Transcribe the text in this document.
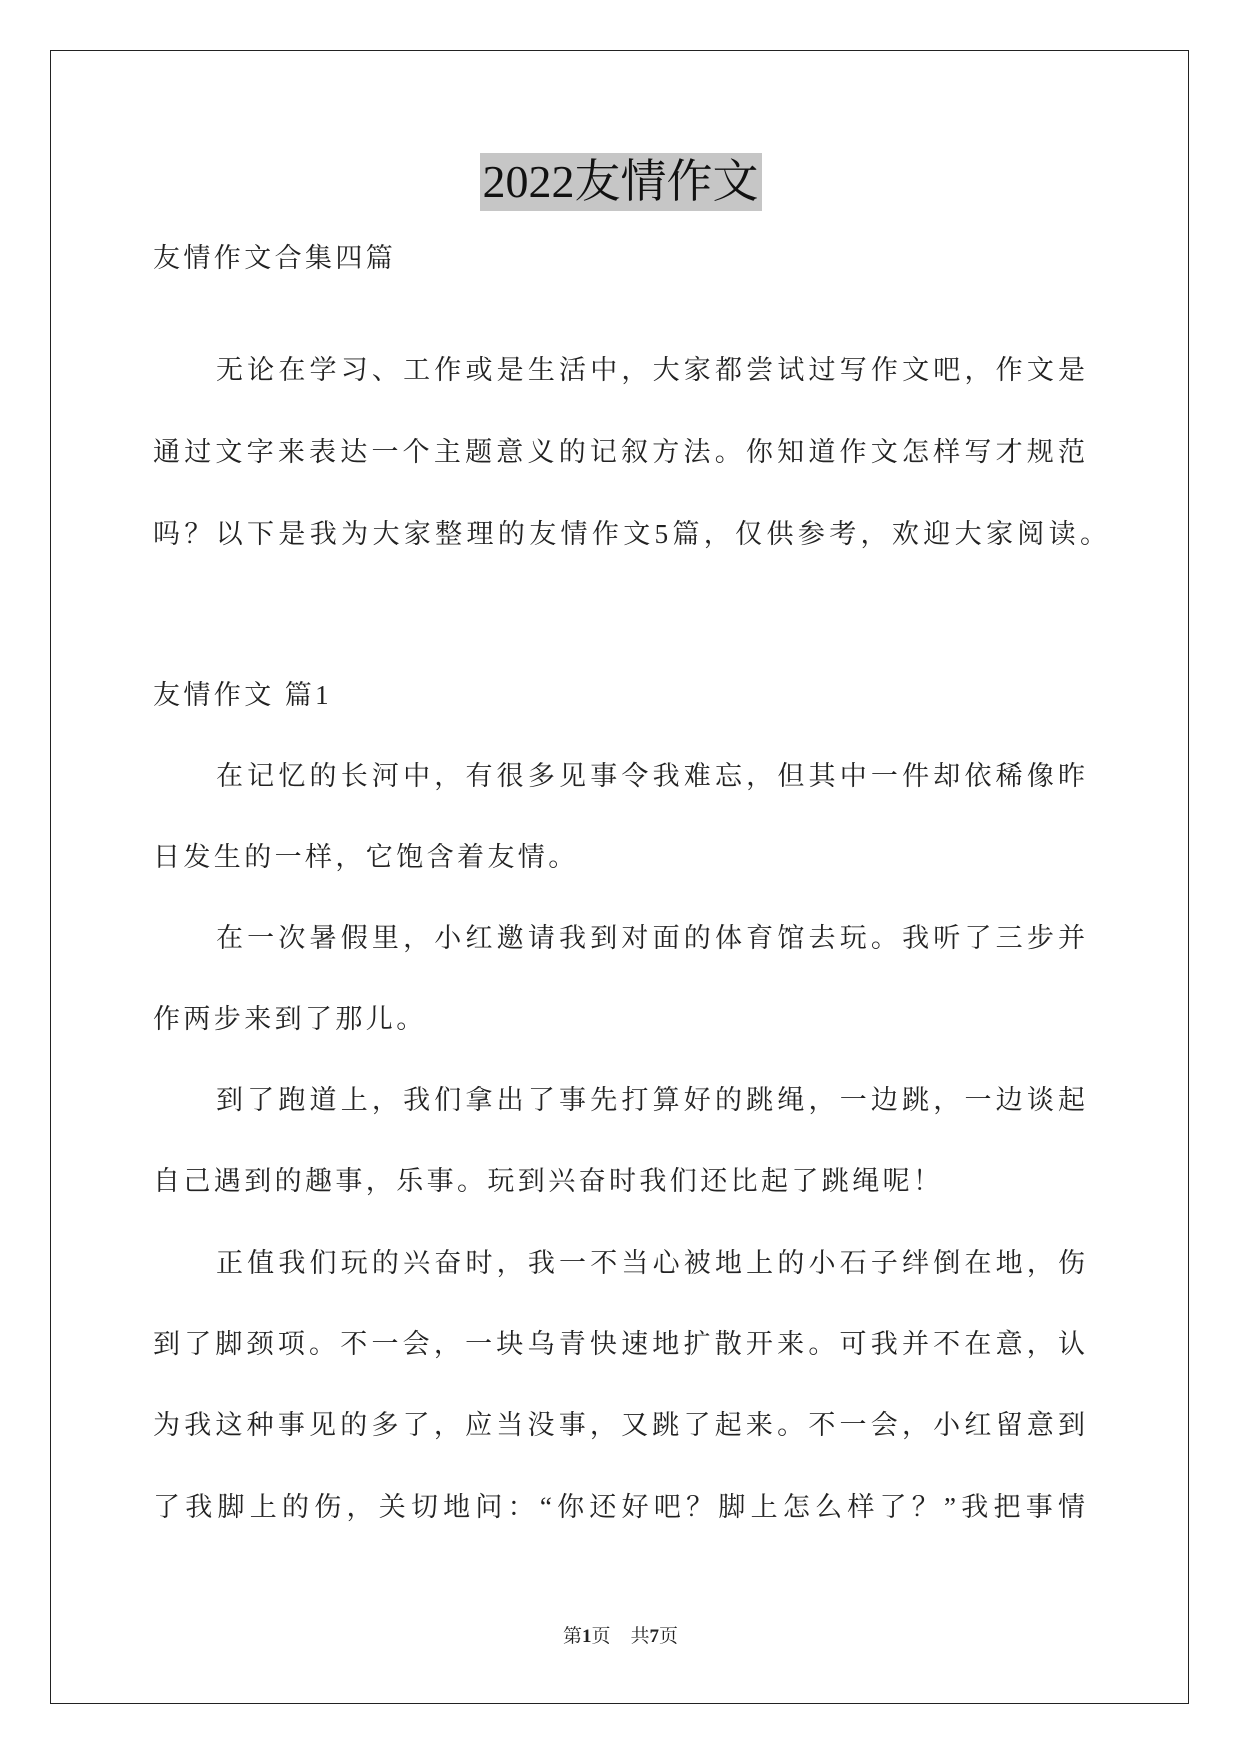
2022友情作文
友情作文合集四篇
无论在学习、工作或是生活中，大家都尝试过写作文吧，作文是
通过文字来表达一个主题意义的记叙方法。你知道作文怎样写才规范
吗？以下是我为大家整理的友情作文5篇，仅供参考，欢迎大家阅读。
友情作文 篇1
在记忆的长河中，有很多见事令我难忘，但其中一件却依稀像昨
日发生的一样，它饱含着友情。
在一次暑假里，小红邀请我到对面的体育馆去玩。我听了三步并
作两步来到了那儿。
到了跑道上，我们拿出了事先打算好的跳绳，一边跳，一边谈起
自己遇到的趣事，乐事。玩到兴奋时我们还比起了跳绳呢！
正值我们玩的兴奋时，我一不当心被地上的小石子绊倒在地，伤
到了脚颈项。不一会，一块乌青快速地扩散开来。可我并不在意，认
为我这种事见的多了，应当没事，又跳了起来。不一会，小红留意到
了我脚上的伤，关切地问：“你还好吧？脚上怎么样了？”我把事情
第1页 共7页
